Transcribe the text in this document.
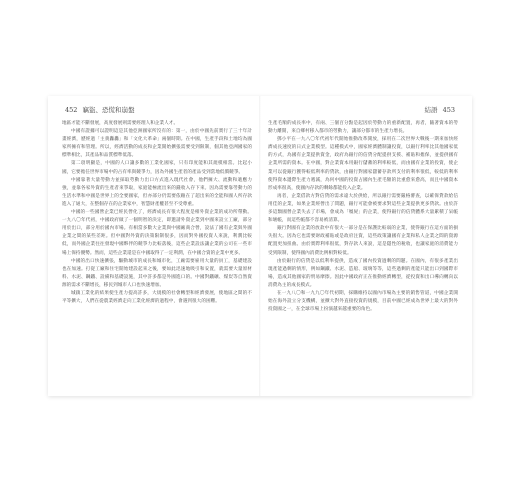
452 竊盜、恐慌和崩盤

地區才能不斷發展，高度發展則需要經理人和企業人才。

中國有證據可以證明這是其他亞洲國家所沒有的：第一，由於中國先前實行了三十年計畫經濟，歷經過「主義轟轟」和「文化大革命」兩個時期。在中國，生產手段和土地均為國家所擁有和管理。所以，經濟活動的成長和企業開始擴張需要受到限制，個其他亞洲國家的標準相比，其產品和品質標準低落。

第二項明顯是，中國的人口讓多數的工業化國家，只有印度能和其規模相當。比起小國，它要擔任世界市場中的占有率與競爭力，因為外國生產者的產品受到當地低價競爭。

中國靠著大量勞動力並採取勞動力出口方式進入現代社會，他們擁大、流動和適應力強，並靠各家外資的生產者來爭取，家庭能極流出來的錢收入存下來。因為需要靠勞動力的生活水準和中國是世界上的全要國家，但亦部分仍需要依賴在了超出來的全能和國人所存款進入了通大，在整個存在的企業家中，智慧財產權甚至不受尊重。

中國的一些國營企業已經民營化了，經濟成長有很大程度是相外資企業的成功所帶動。一九八〇年代初，中國政府做了一個明智的決定，即邀請外資企業到中國來設立工廠，部分用於出口，部分用於國內市場。有相當多數大企業與中國廠商合營，設法了國有企業與外國企業之間的某些差距。但中國對外資的決策限制很多，因而對外國投資人來說，利潤比較低，而外國企業往往發現中國夥伴的競爭力比較落後，這些企業設法讓企業的公司在一些市場上保持優勢。然而，這些企業還是在中國取得了一定利潤，在中國合資的企業中更多。

中國的出口快速擴張，驅動城市的成長和城市化，工廠需要雇用大量的員工，基礎建設也在加速。打從工廠和住宅開始建設起來之後，要如此迅速地吸引和安置，就需要大量原材料、水泥、鋼鐵、設備和基礎設施，其中許多都是外國進口的。中國對鐵礦、煤炭等自然資源的需求不斷增長，移民到城市人口也快速增加。

城鎮工業化的結果使生產力提高許多，大規模的社會轉型和經濟發展，使地區之間的不平等擴大，人們在從農業經濟走向工業化經濟的過程中，會遇到很大的困難。

結語 453

生產毛額的成長率中，有兩、三個百分點是起因於勞動力的重新配置，再者，隨著資本的勞動力離開，來自鄉村移入都市的勞動力，讓部分都市的生產力增長。

鄧小平在一九八〇年代初年代開始推動改革開放，採用在二次世界大戰後一期來加快經濟成長速度的日式企業模型。這種模式中，國家經濟體制讓投資，以銀行利率比其他國家低的方式，為國有企業提供資金，政府為銀行的信貸分配提供支援、補貼和擔保，並提供國有企業所需的資本。在中國，對企業資本用銀行儲蓄的利率較低，而由國有企業的投資，使企業可以從銀行獲得較低利率的貸款，由銀行對國家儲蓄存款所支付的利率很低，較低的利率使得資本邊際生產力遞減，為何中國的投資占國內生產毛額的比重愈來愈高，而且中國資本形成率很高，使國內存款的剩餘都能投入企業。

再者，企業借款方對信貸的需求遠大於供給，所以銀行需要嚴格審查，以確保貸款給信用佳的企業，如果企業經營出了問題，銀行可能會被要求對這些企業提供更多貸款。由於許多這類國營企業失去了市場，會成為「殭屍」的企業，使得銀行的信貸體系大量累積了呆帳和壞帳，而這些帳都不容易被清算。

銀行對國有企業的放款中有很大一部分是在保護比較弱的企業，使得銀行在這方面的損失很大。因為它也需要財政補貼或是政府注資，這些政策讓國有企業和私人企業之間的資源配置更加扭曲。由於實際利率很低，對存款人來說，這是隱性的稅收，也讓家庭的消費能力受到限制，使得國內消費比例相對較低。

由於銀行的信貸是以低利率提供，造成了國內投資過剩的問題。在國內，有很多產業出現產能過剩的情形，例如鋼鐵、水泥、造船、玻璃等等，這些過剩的產能只能出口到國際市場，造成其他國家的貿易摩擦。因此中國政府正在推動經濟轉型，從投資和出口導向轉向以消費為主的成長模式。

在一九八〇和一九九〇年代初期，採購維持以國內市場為主要的銷售管道，中國企業開始在海外設立分支機構，並擴大對外直接投資的規模，目前中國已經成為世界上最大的對外投資國之一，在全球市場上扮演越來越重要的角色。
